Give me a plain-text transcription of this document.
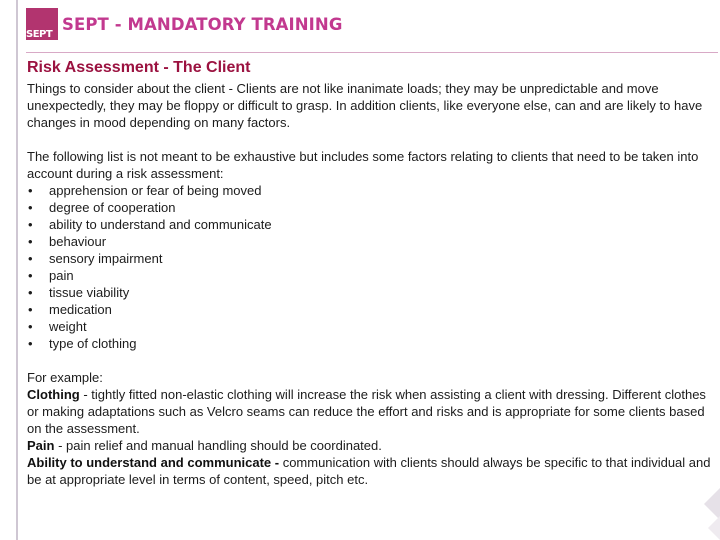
SEPT
SEPT - MANDATORY TRAINING
Risk Assessment - The Client

Things to consider about the client - Clients are not like inanimate loads; they may be unpredictable and move unexpectedly, they may be floppy or difficult to grasp. In addition clients, like everyone else, can and are likely to have changes in mood depending on many factors.

The following list is not meant to be exhaustive but includes some factors relating to clients that need to be taken into account during a risk assessment:

• apprehension or fear of being moved
• degree of cooperation
• ability to understand and communicate
• behaviour
• sensory impairment
• pain
• tissue viability
• medication
• weight
• type of clothing
For example:
Clothing - tightly fitted non-elastic clothing will increase the risk when assisting a client with dressing. Different clothes or making adaptations such as Velcro seams can reduce the effort and risks and is appropriate for some clients based on the assessment.
Pain - pain relief and manual handling should be coordinated.
Ability to understand and communicate - communication with clients should always be specific to that individual and be at appropriate level in terms of content, speed, pitch etc.
